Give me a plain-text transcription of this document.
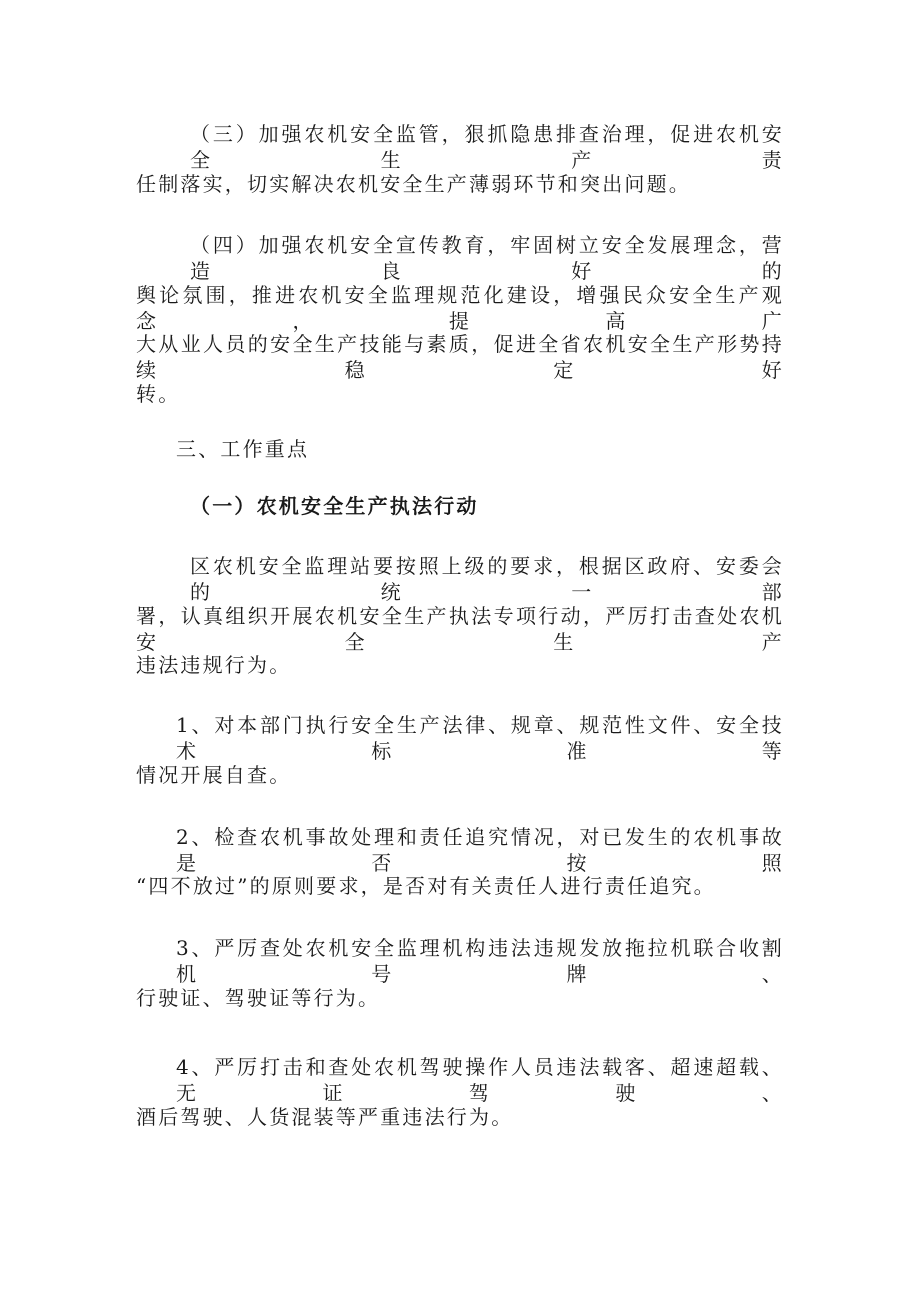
（三）加强农机安全监管，狠抓隐患排查治理，促进农机安全生产责
任制落实，切实解决农机安全生产薄弱环节和突出问题。
（四）加强农机安全宣传教育，牢固树立安全发展理念，营造良好的
舆论氛围，推进农机安全监理规范化建设，增强民众安全生产观念，提高广
大从业人员的安全生产技能与素质，促进全省农机安全生产形势持续稳定好
转。
三、工作重点
（一）农机安全生产执法行动
区农机安全监理站要按照上级的要求，根据区政府、安委会的统一部
署，认真组织开展农机安全生产执法专项行动，严厉打击查处农机安全生产
违法违规行为。
1、对本部门执行安全生产法律、规章、规范性文件、安全技术标准等
情况开展自查。
2、检查农机事故处理和责任追究情况，对已发生的农机事故是否按照
“四不放过”的原则要求，是否对有关责任人进行责任追究。
3、严厉查处农机安全监理机构违法违规发放拖拉机联合收割机号牌、
行驶证、驾驶证等行为。
4、严厉打击和查处农机驾驶操作人员违法载客、超速超载、无证驾驶、
酒后驾驶、人货混装等严重违法行为。
